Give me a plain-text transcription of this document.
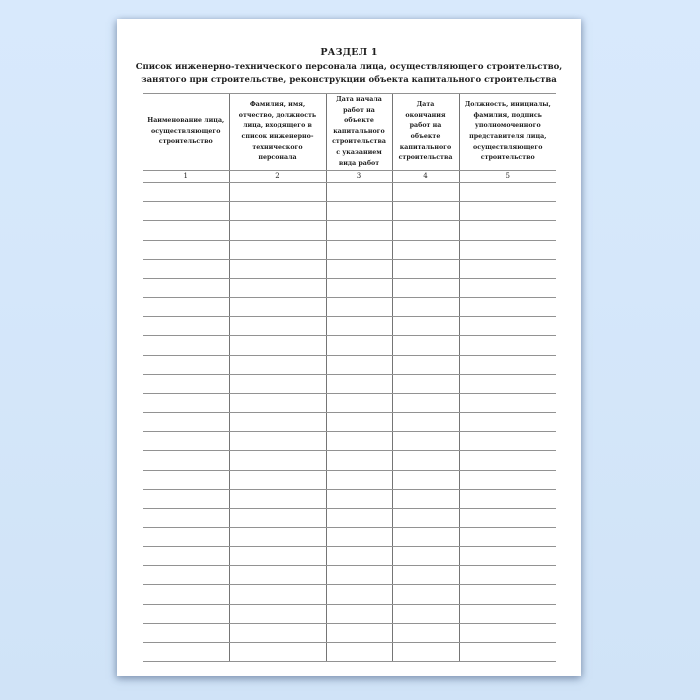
РАЗДЕЛ 1
Список инженерно-технического персонала лица, осуществляющего строительство,
занятого при строительстве, реконструкции объекта капитального строительства
Наименование лица, осуществляющего строительство	Фамилия, имя, отчество, должность лица, входящего в список инженерно-технического персонала	Дата начала работ на объекте капитального строительства с указанием вида работ	Дата окончания работ на объекте капитального строительства	Должность, инициалы, фамилия, подпись уполномоченного представителя лица, осуществляющего строительство
1	2	3	4	5
